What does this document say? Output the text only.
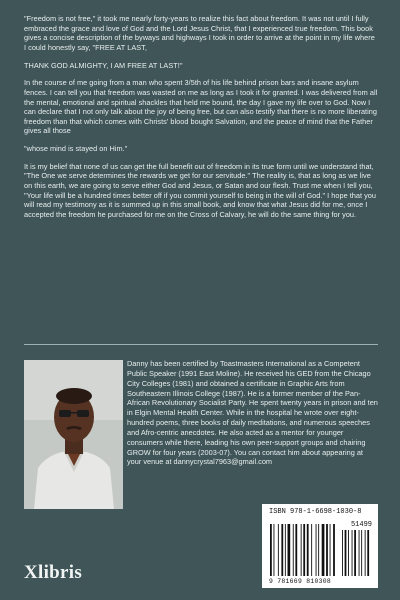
"Freedom is not free," it took me nearly forty-years to realize this fact about freedom. It was not until I fully embraced the grace and love of God and the Lord Jesus Christ, that I experienced true freedom. This book gives a concise description of the byways and highways I took in order to arrive at the point in my life where I could honestly say, "FREE AT LAST,

THANK GOD ALMIGHTY, I AM FREE AT LAST!"

In the course of me going from a man who spent 3/5th of his life behind prison bars and insane asylum fences. I can tell you that freedom was wasted on me as long as I took it for granted. I was delivered from all the mental, emotional and spiritual shackles that held me bound, the day I gave my life over to God. Now I can declare that I not only talk about the joy of being free, but can also testify that there is no more liberating freedom than that which comes with Christs' blood bought Salvation, and the peace of mind that the Father gives all those

"whose mind is stayed on Him."

It is my belief that none of us can get the full benefit out of freedom in its true form until we understand that, "The One we serve determines the rewards we get for our servitude." The reality is, that as long as we live on this earth, we are going to serve either God and Jesus, or Satan and our flesh. Trust me when I tell you, "Your life will be a hundred times better off if you commit yourself to being in the will of God." I hope that you will read my testimony as it is summed up in this small book, and know that what Jesus did for me, once I accepted the freedom he purchased for me on the Cross of Calvary, he will do the same thing for you.

Danny has been certified by Toastmasters International as a Competent Public Speaker (1991 East Moline). He received his GED from the Chicago City Colleges (1981) and obtained a certificate in Graphic Arts from Southeastern Illinois College (1987). He is a former member of the Pan-African Revolutionary Socialist Party. He spent twenty years in prison and ten in Elgin Mental Health Center. While in the hospital he wrote over eight-hundred poems, three books of daily meditations, and numerous speeches and Afro-centric anecdotes. He also acted as a mentor for younger consumers while there, leading his own peer-support groups and chairing GROW for four years (2003-07). You can contact him about appearing at your venue at dannycrystal7963@gmail.com
Xlibris
ISBN 978-1-6698-1030-8
51499
9 781669 810308
